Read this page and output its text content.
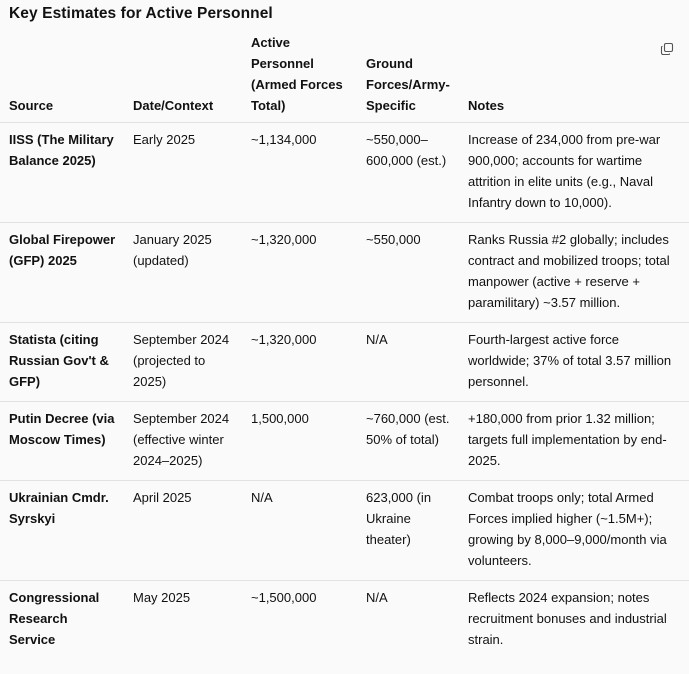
Key Estimates for Active Personnel
Source	Date/Context	Active Personnel (Armed Forces Total)	Ground Forces/Army-Specific	Notes
IISS (The Military Balance 2025)	Early 2025	~1,134,000	~550,000–600,000 (est.)	Increase of 234,000 from pre-war 900,000; accounts for wartime attrition in elite units (e.g., Naval Infantry down to 10,000).
Global Firepower (GFP) 2025	January 2025 (updated)	~1,320,000	~550,000	Ranks Russia #2 globally; includes contract and mobilized troops; total manpower (active + reserve + paramilitary) ~3.57 million.
Statista (citing Russian Gov't & GFP)	September 2024 (projected to 2025)	~1,320,000	N/A	Fourth-largest active force worldwide; 37% of total 3.57 million personnel.
Putin Decree (via Moscow Times)	September 2024 (effective winter 2024–2025)	1,500,000	~760,000 (est. 50% of total)	+180,000 from prior 1.32 million; targets full implementation by end-2025.
Ukrainian Cmdr. Syrskyi	April 2025	N/A	623,000 (in Ukraine theater)	Combat troops only; total Armed Forces implied higher (~1.5M+); growing by 8,000–9,000/month via volunteers.
Congressional Research Service	May 2025	~1,500,000	N/A	Reflects 2024 expansion; notes recruitment bonuses and industrial strain.
